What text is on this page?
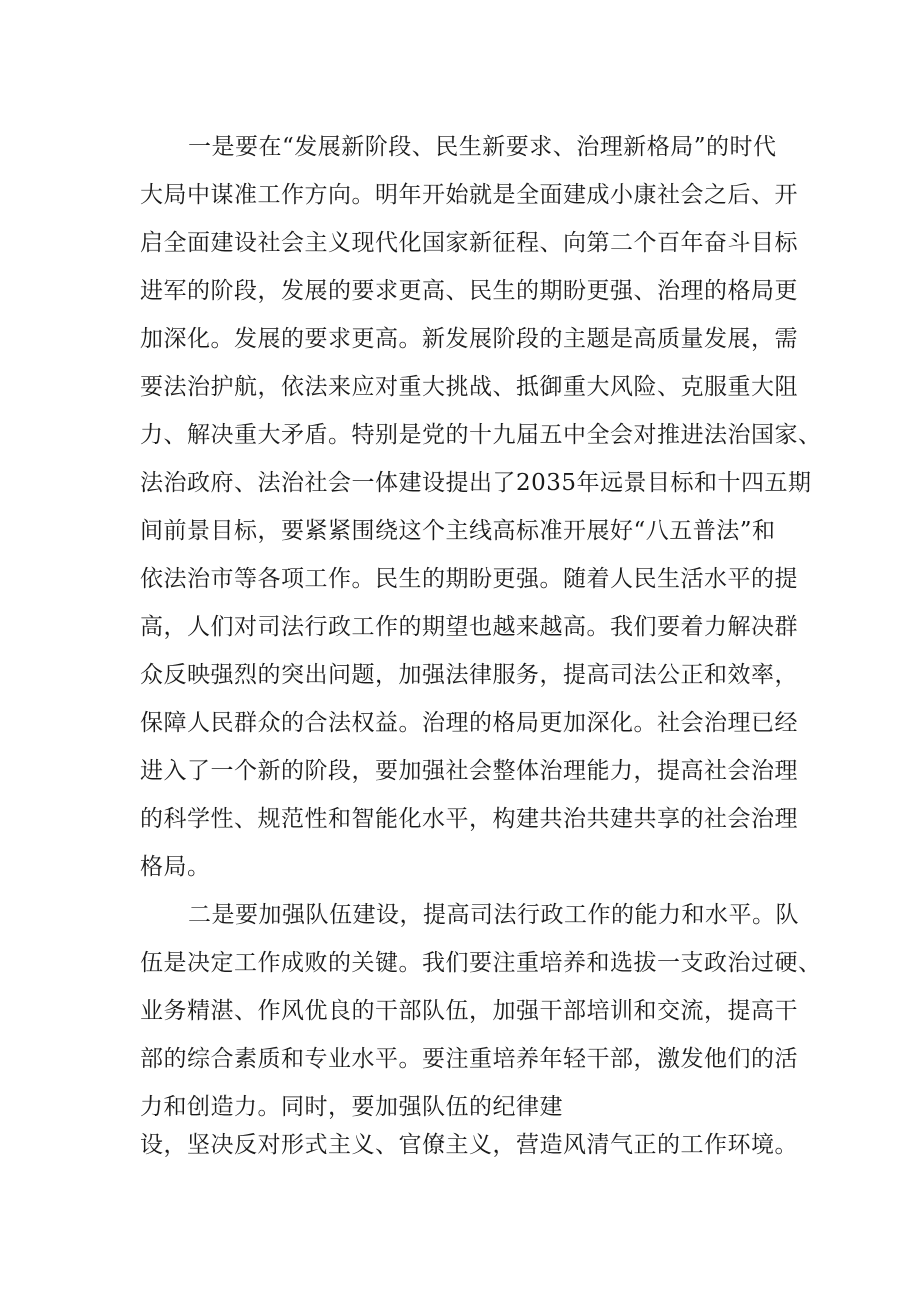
一是要在“发展新阶段、民生新要求、治理新格局”的时代
大局中谋准工作方向。明年开始就是全面建成小康社会之后、开
启全面建设社会主义现代化国家新征程、向第二个百年奋斗目标
进军的阶段，发展的要求更高、民生的期盼更强、治理的格局更
加深化。发展的要求更高。新发展阶段的主题是高质量发展，需
要法治护航，依法来应对重大挑战、抵御重大风险、克服重大阻
力、解决重大矛盾。特别是党的十九届五中全会对推进法治国家、
法治政府、法治社会一体建设提出了2035年远景目标和十四五期
间前景目标，要紧紧围绕这个主线高标准开展好“八五普法”和
依法治市等各项工作。民生的期盼更强。随着人民生活水平的提
高，人们对司法行政工作的期望也越来越高。我们要着力解决群
众反映强烈的突出问题，加强法律服务，提高司法公正和效率，
保障人民群众的合法权益。治理的格局更加深化。社会治理已经
进入了一个新的阶段，要加强社会整体治理能力，提高社会治理
的科学性、规范性和智能化水平，构建共治共建共享的社会治理
格局。
二是要加强队伍建设，提高司法行政工作的能力和水平。队
伍是决定工作成败的关键。我们要注重培养和选拔一支政治过硬、
业务精湛、作风优良的干部队伍，加强干部培训和交流，提高干
部的综合素质和专业水平。要注重培养年轻干部，激发他们的活
力和创造力。同时，要加强队伍的纪律建
设，坚决反对形式主义、官僚主义，营造风清气正的工作环境。
